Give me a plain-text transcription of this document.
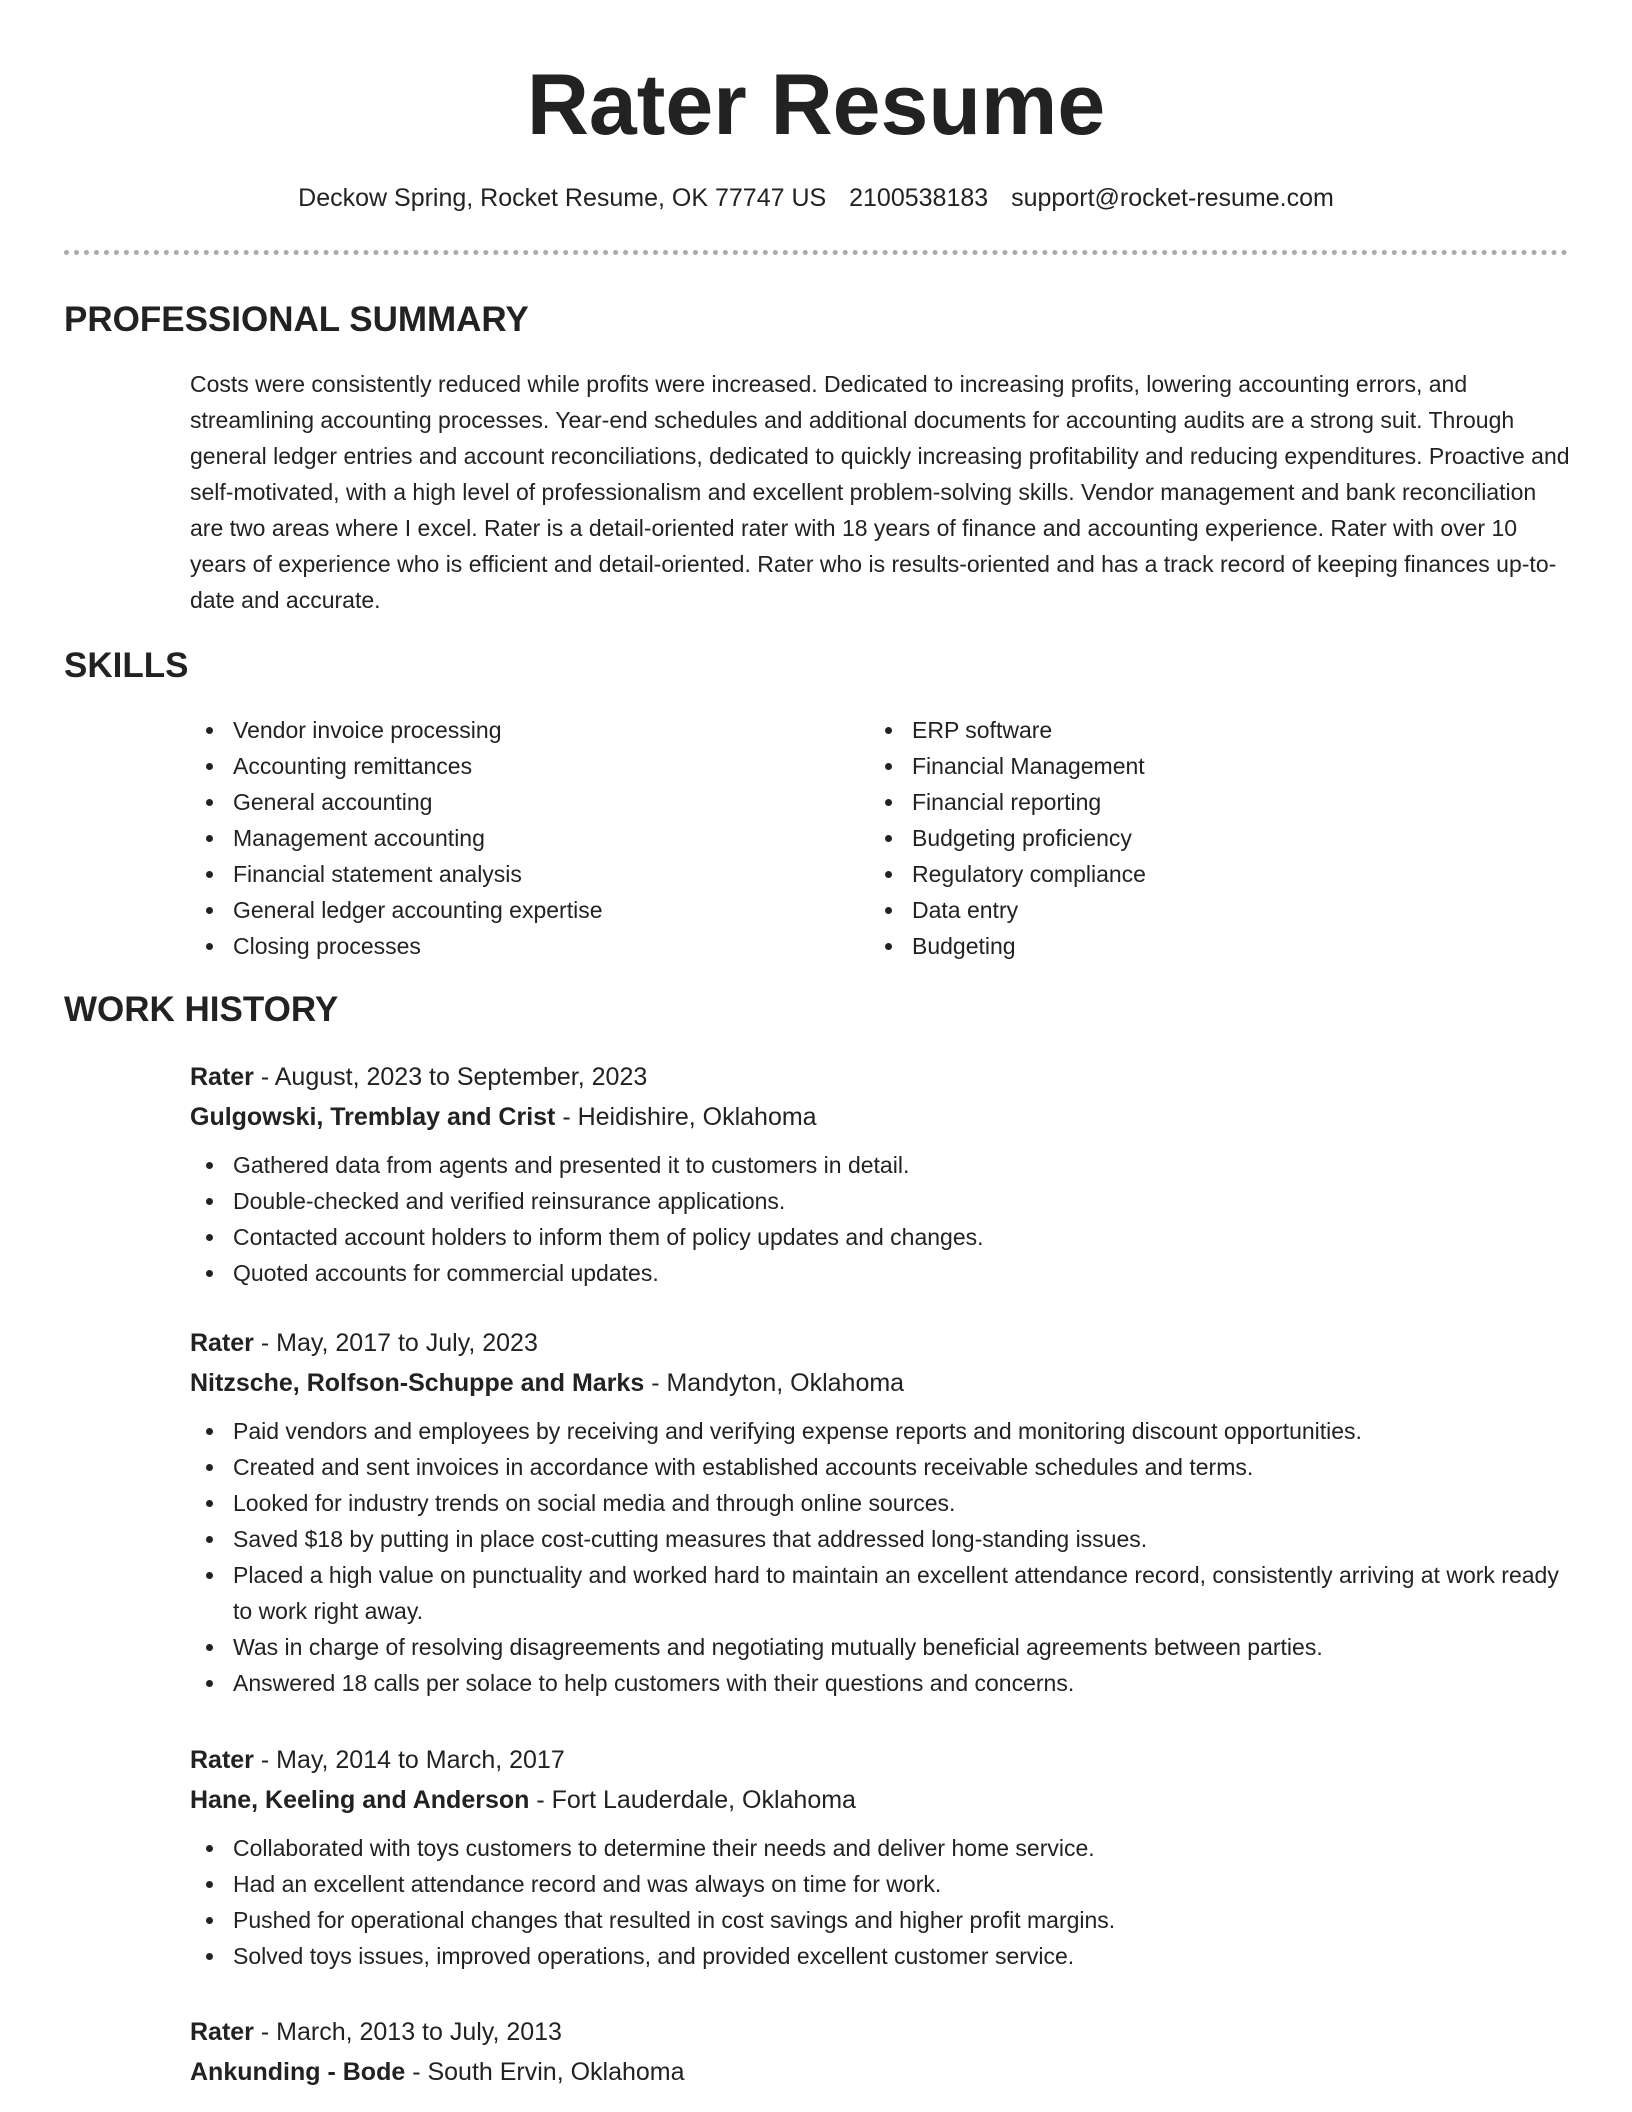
Rater Resume
Deckow Spring, Rocket Resume, OK 77747 US 2100538183 support@rocket-resume.com
PROFESSIONAL SUMMARY

Costs were consistently reduced while profits were increased. Dedicated to increasing profits, lowering accounting errors, and streamlining accounting processes. Year-end schedules and additional documents for accounting audits are a strong suit. Through general ledger entries and account reconciliations, dedicated to quickly increasing profitability and reducing expenditures. Proactive and self-motivated, with a high level of professionalism and excellent problem-solving skills. Vendor management and bank reconciliation are two areas where I excel. Rater is a detail-oriented rater with 18 years of finance and accounting experience. Rater with over 10 years of experience who is efficient and detail-oriented. Rater who is results-oriented and has a track record of keeping finances up-to-date and accurate.

SKILLS
Vendor invoice processing
Accounting remittances
General accounting
Management accounting
Financial statement analysis
General ledger accounting expertise
Closing processes
ERP software
Financial Management
Financial reporting
Budgeting proficiency
Regulatory compliance
Data entry
Budgeting
WORK HISTORY
Rater - August, 2023 to September, 2023
Gulgowski, Tremblay and Crist - Heidishire, Oklahoma
Gathered data from agents and presented it to customers in detail.
Double-checked and verified reinsurance applications.
Contacted account holders to inform them of policy updates and changes.
Quoted accounts for commercial updates.
Rater - May, 2017 to July, 2023
Nitzsche, Rolfson-Schuppe and Marks - Mandyton, Oklahoma
Paid vendors and employees by receiving and verifying expense reports and monitoring discount opportunities.
Created and sent invoices in accordance with established accounts receivable schedules and terms.
Looked for industry trends on social media and through online sources.
Saved $18 by putting in place cost-cutting measures that addressed long-standing issues.
Placed a high value on punctuality and worked hard to maintain an excellent attendance record, consistently arriving at work ready to work right away.
Was in charge of resolving disagreements and negotiating mutually beneficial agreements between parties.
Answered 18 calls per solace to help customers with their questions and concerns.
Rater - May, 2014 to March, 2017
Hane, Keeling and Anderson - Fort Lauderdale, Oklahoma
Collaborated with toys customers to determine their needs and deliver home service.
Had an excellent attendance record and was always on time for work.
Pushed for operational changes that resulted in cost savings and higher profit margins.
Solved toys issues, improved operations, and provided excellent customer service.
Rater - March, 2013 to July, 2013
Ankunding - Bode - South Ervin, Oklahoma
